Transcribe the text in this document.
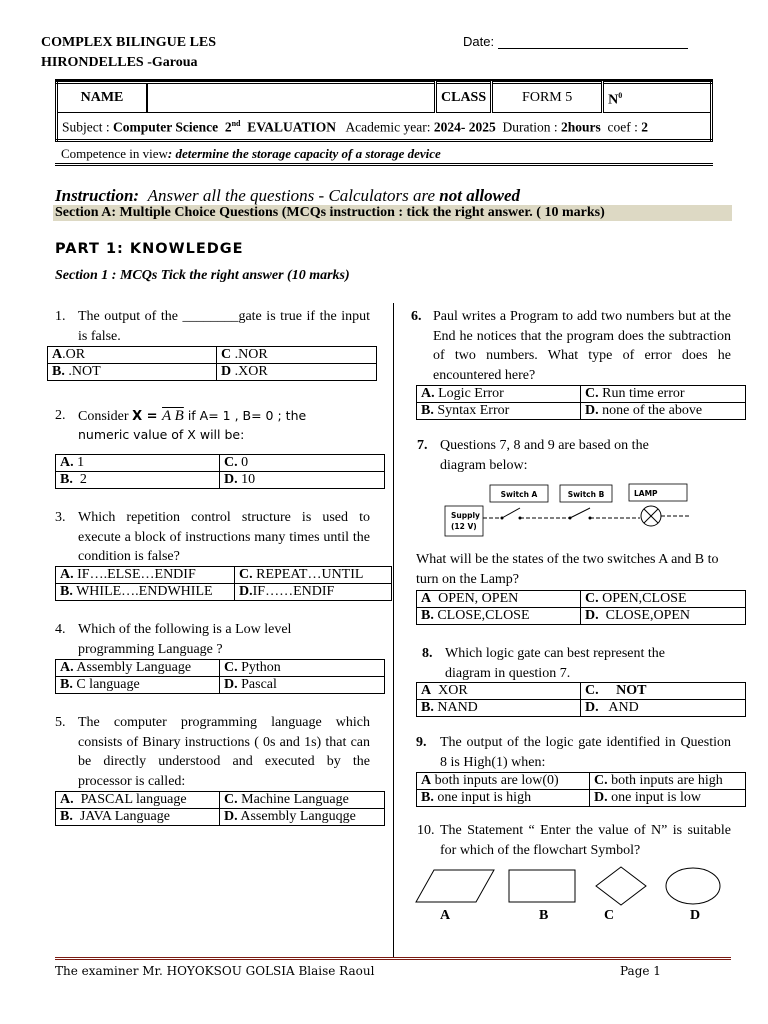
COMPLEX BILINGUE LES
HIRONDELLES -Garoua
Date:
NAME		CLASS	FORM 5	$N^0$
Subject : Computer Science 2nd EVALUATION Academic year: 2024- 2025 Duration : 2hours coef : 2
Competence in view: determine the storage capacity of a storage device
Instruction: Answer all the questions - Calculators are not allowed
Section A: Multiple Choice Questions (MCQs instruction : tick the right answer. ( 10 marks)
PART 1: KNOWLEDGE
Section 1 : MCQs Tick the right answer (10 marks)
1. The output of the ________gate is true if the input is false.
A.OR	C .NOR
B. .NOT	D .XOR
2. Consider X = A B if A= 1 , B= 0 ; the
numeric value of X will be:
A. 1	C. 0
B. 2	D. 10
3. Which repetition control structure is used to execute a block of instructions many times until the condition is false?
A. IF….ELSE…ENDIF	C. REPEAT…UNTIL
B. WHILE….ENDWHILE	D.IF……ENDIF
4. Which of the following is a Low level programming Language ?
A. Assembly Language	C. Python
B. C language	D. Pascal
5. The computer programming language which consists of Binary instructions ( 0s and 1s) that can be directly understood and executed by the processor is called:
A. PASCAL language	C. Machine Language
B. JAVA Language	D. Assembly Languqge
6. Paul writes a Program to add two numbers but at the End he notices that the program does the subtraction of two numbers. What type of error does he encountered here?
A. Logic Error	C. Run time error
B. Syntax Error	D. none of the above
7. Questions 7, 8 and 9 are based on the diagram below:
Switch A	Switch B	LAMP
Supply
(12 V)
What will be the states of the two switches A and B to turn on the Lamp?
A OPEN, OPEN	C. OPEN,CLOSE
B. CLOSE,CLOSE	D. CLOSE,OPEN
8. Which logic gate can best represent the diagram in question 7.
A XOR	C. NOT
B. NAND	D. AND
9. The output of the logic gate identified in Question 8 is High(1) when:
A both inputs are low(0)	C. both inputs are high
B. one input is high	D. one input is low
10. The Statement “ Enter the value of N” is suitable for which of the flowchart Symbol?
A	B	C	D
The examiner Mr. HOYOKSOU GOLSIA Blaise Raoul	Page 1
